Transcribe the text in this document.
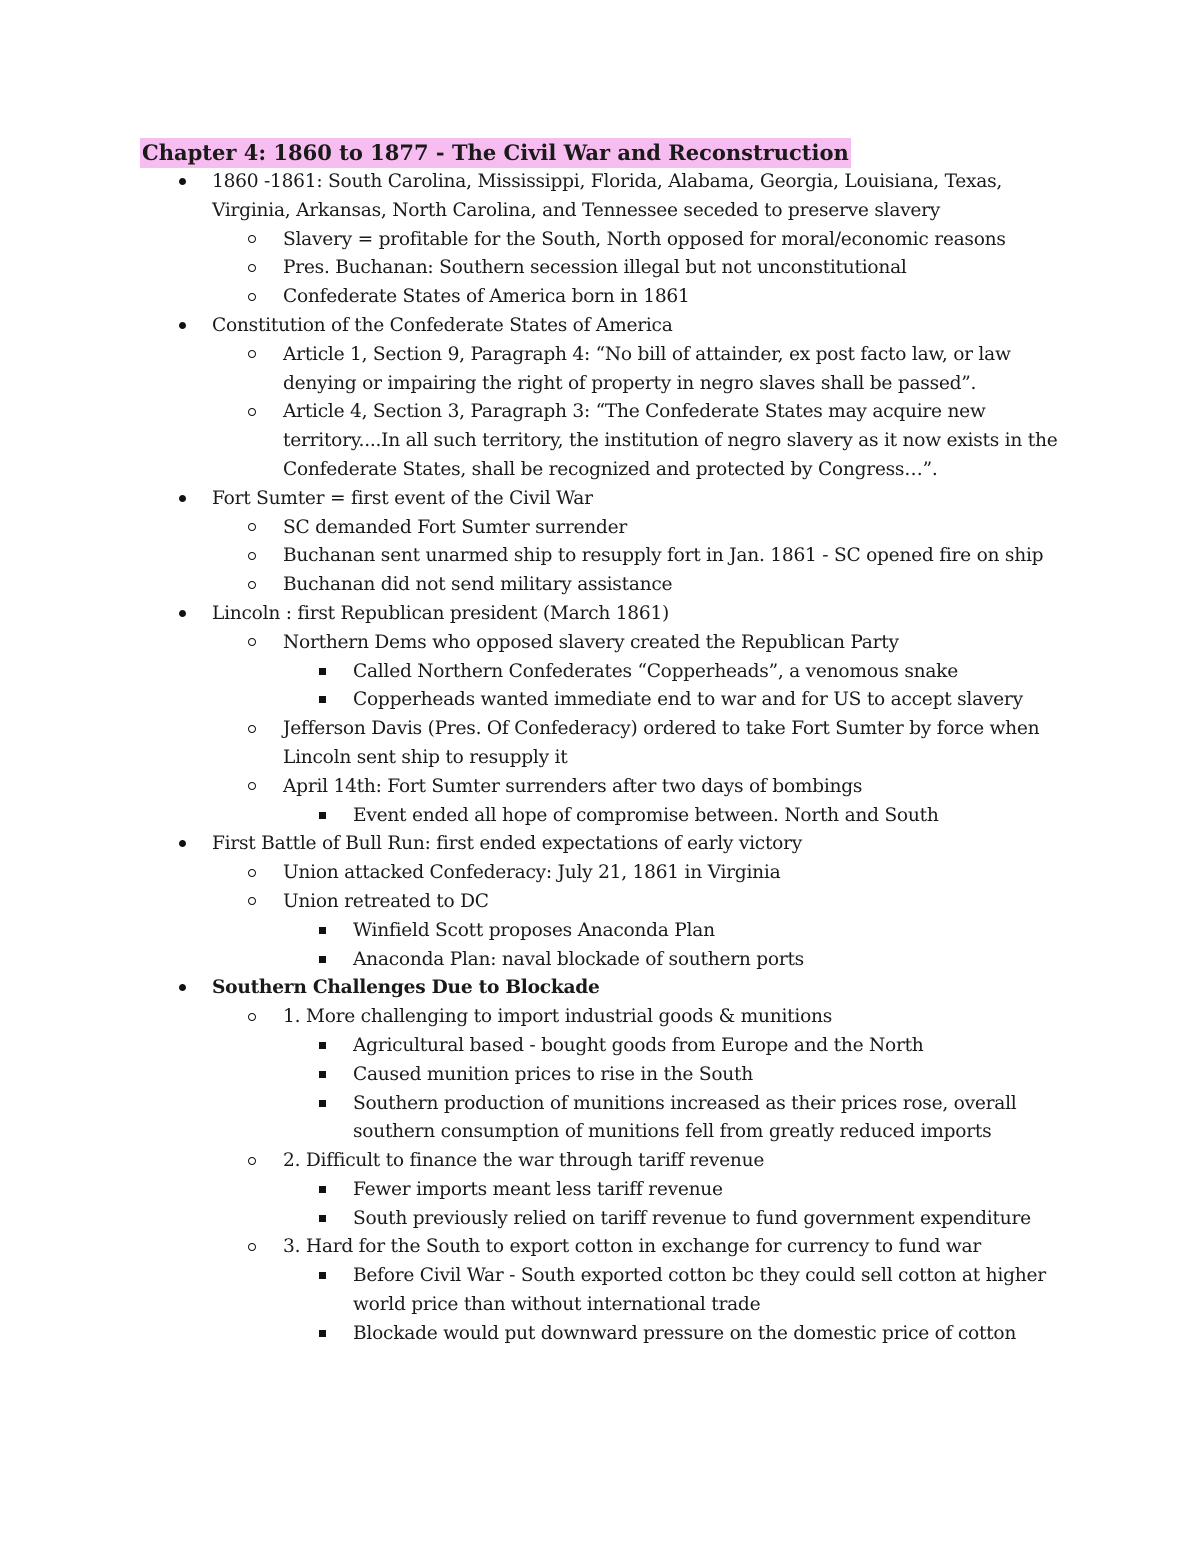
Chapter 4: 1860 to 1877 - The Civil War and Reconstruction
1860 -1861: South Carolina, Mississippi, Florida, Alabama, Georgia, Louisiana, Texas, Virginia, Arkansas, North Carolina, and Tennessee seceded to preserve slavery
Slavery = profitable for the South, North opposed for moral/economic reasons
Pres. Buchanan: Southern secession illegal but not unconstitutional
Confederate States of America born in 1861
Constitution of the Confederate States of America
Article 1, Section 9, Paragraph 4: “No bill of attainder, ex post facto law, or law denying or impairing the right of property in negro slaves shall be passed”.
Article 4, Section 3, Paragraph 3: “The Confederate States may acquire new territory....In all such territory, the institution of negro slavery as it now exists in the Confederate States, shall be recognized and protected by Congress…”.
Fort Sumter = first event of the Civil War
SC demanded Fort Sumter surrender
Buchanan sent unarmed ship to resupply fort in Jan. 1861 - SC opened fire on ship
Buchanan did not send military assistance
Lincoln : first Republican president (March 1861)
Northern Dems who opposed slavery created the Republican Party
Called Northern Confederates “Copperheads”, a venomous snake
Copperheads wanted immediate end to war and for US to accept slavery
Jefferson Davis (Pres. Of Confederacy) ordered to take Fort Sumter by force when Lincoln sent ship to resupply it
April 14th: Fort Sumter surrenders after two days of bombings
Event ended all hope of compromise between. North and South
First Battle of Bull Run: first ended expectations of early victory
Union attacked Confederacy: July 21, 1861 in Virginia
Union retreated to DC
Winfield Scott proposes Anaconda Plan
Anaconda Plan: naval blockade of southern ports
Southern Challenges Due to Blockade
1. More challenging to import industrial goods & munitions
Agricultural based - bought goods from Europe and the North
Caused munition prices to rise in the South
Southern production of munitions increased as their prices rose, overall southern consumption of munitions fell from greatly reduced imports
2. Difficult to finance the war through tariff revenue
Fewer imports meant less tariff revenue
South previously relied on tariff revenue to fund government expenditure
3. Hard for the South to export cotton in exchange for currency to fund war
Before Civil War - South exported cotton bc they could sell cotton at higher world price than without international trade
Blockade would put downward pressure on the domestic price of cotton
